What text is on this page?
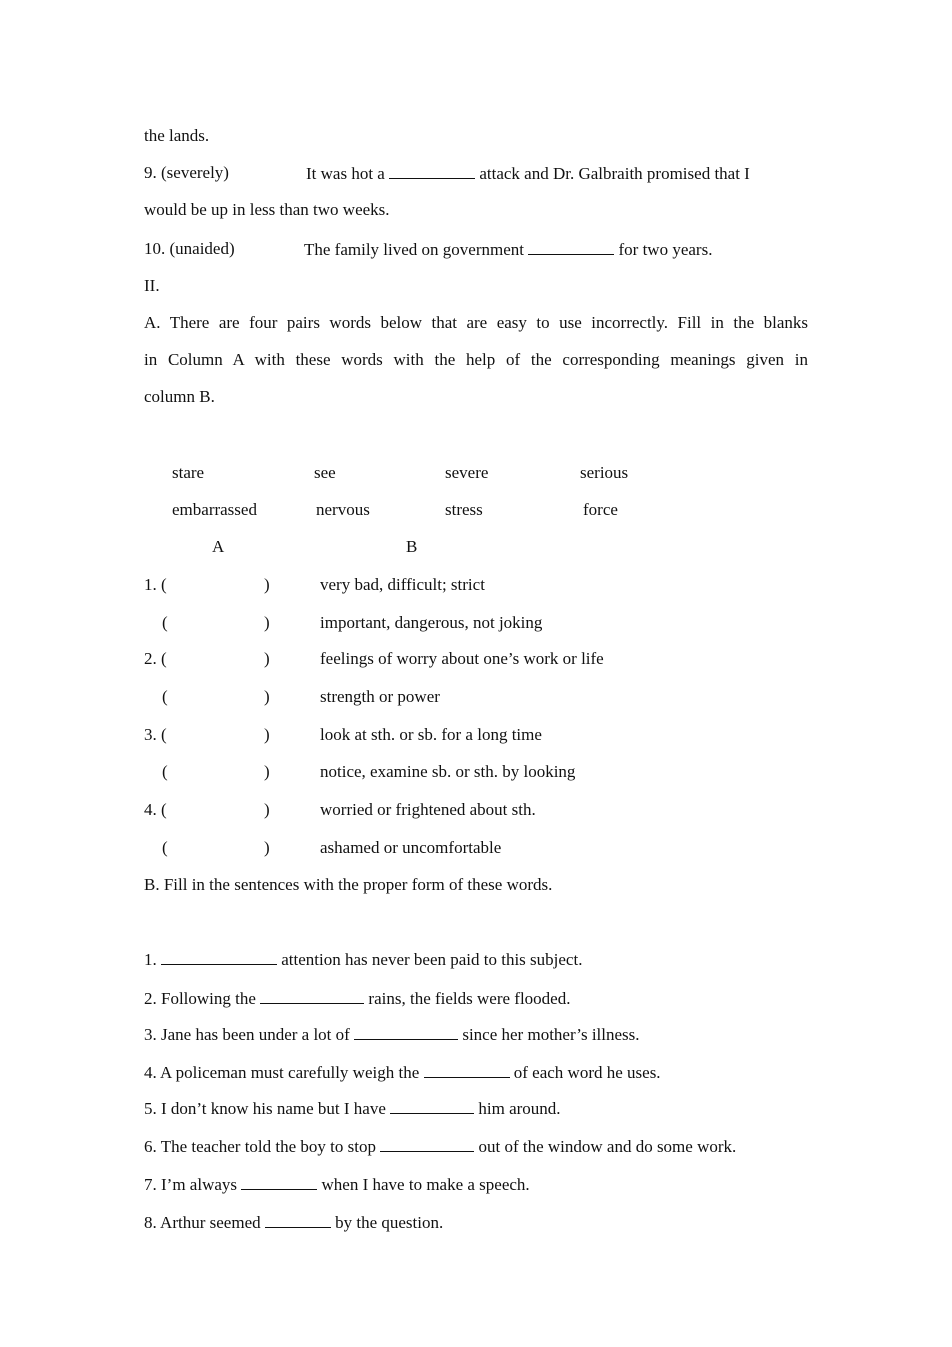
the lands.
9. (severely)	It was hot a	attack and Dr. Galbraith promised that I
would be up in less than two weeks.
10. (unaided)	The family lived on government	for two years.
II.
A. There are four pairs words below that are easy to use incorrectly. Fill in the blanks
in Column A with these words with the help of the corresponding meanings given in
column B.
stare	see	severe	serious
embarrassed	nervous	stress	force
A	B
1. (	)	very bad, difficult; strict
(	)	important, dangerous, not joking
2. (	)	feelings of worry about one’s work or life
(	)	strength or power
3. (	)	look at sth. or sb. for a long time
(	)	notice, examine sb. or sth. by looking
4. (	)	worried or frightened about sth.
(	)	ashamed or uncomfortable
B. Fill in the sentences with the proper form of these words.
1.	attention has never been paid to this subject.
2. Following the	rains, the fields were flooded.
3. Jane has been under a lot of	since her mother’s illness.
4. A policeman must carefully weigh the	of each word he uses.
5. I don’t know his name but I have	him around.
6. The teacher told the boy to stop	out of the window and do some work.
7. I’m always	when I have to make a speech.
8. Arthur seemed	by the question.
